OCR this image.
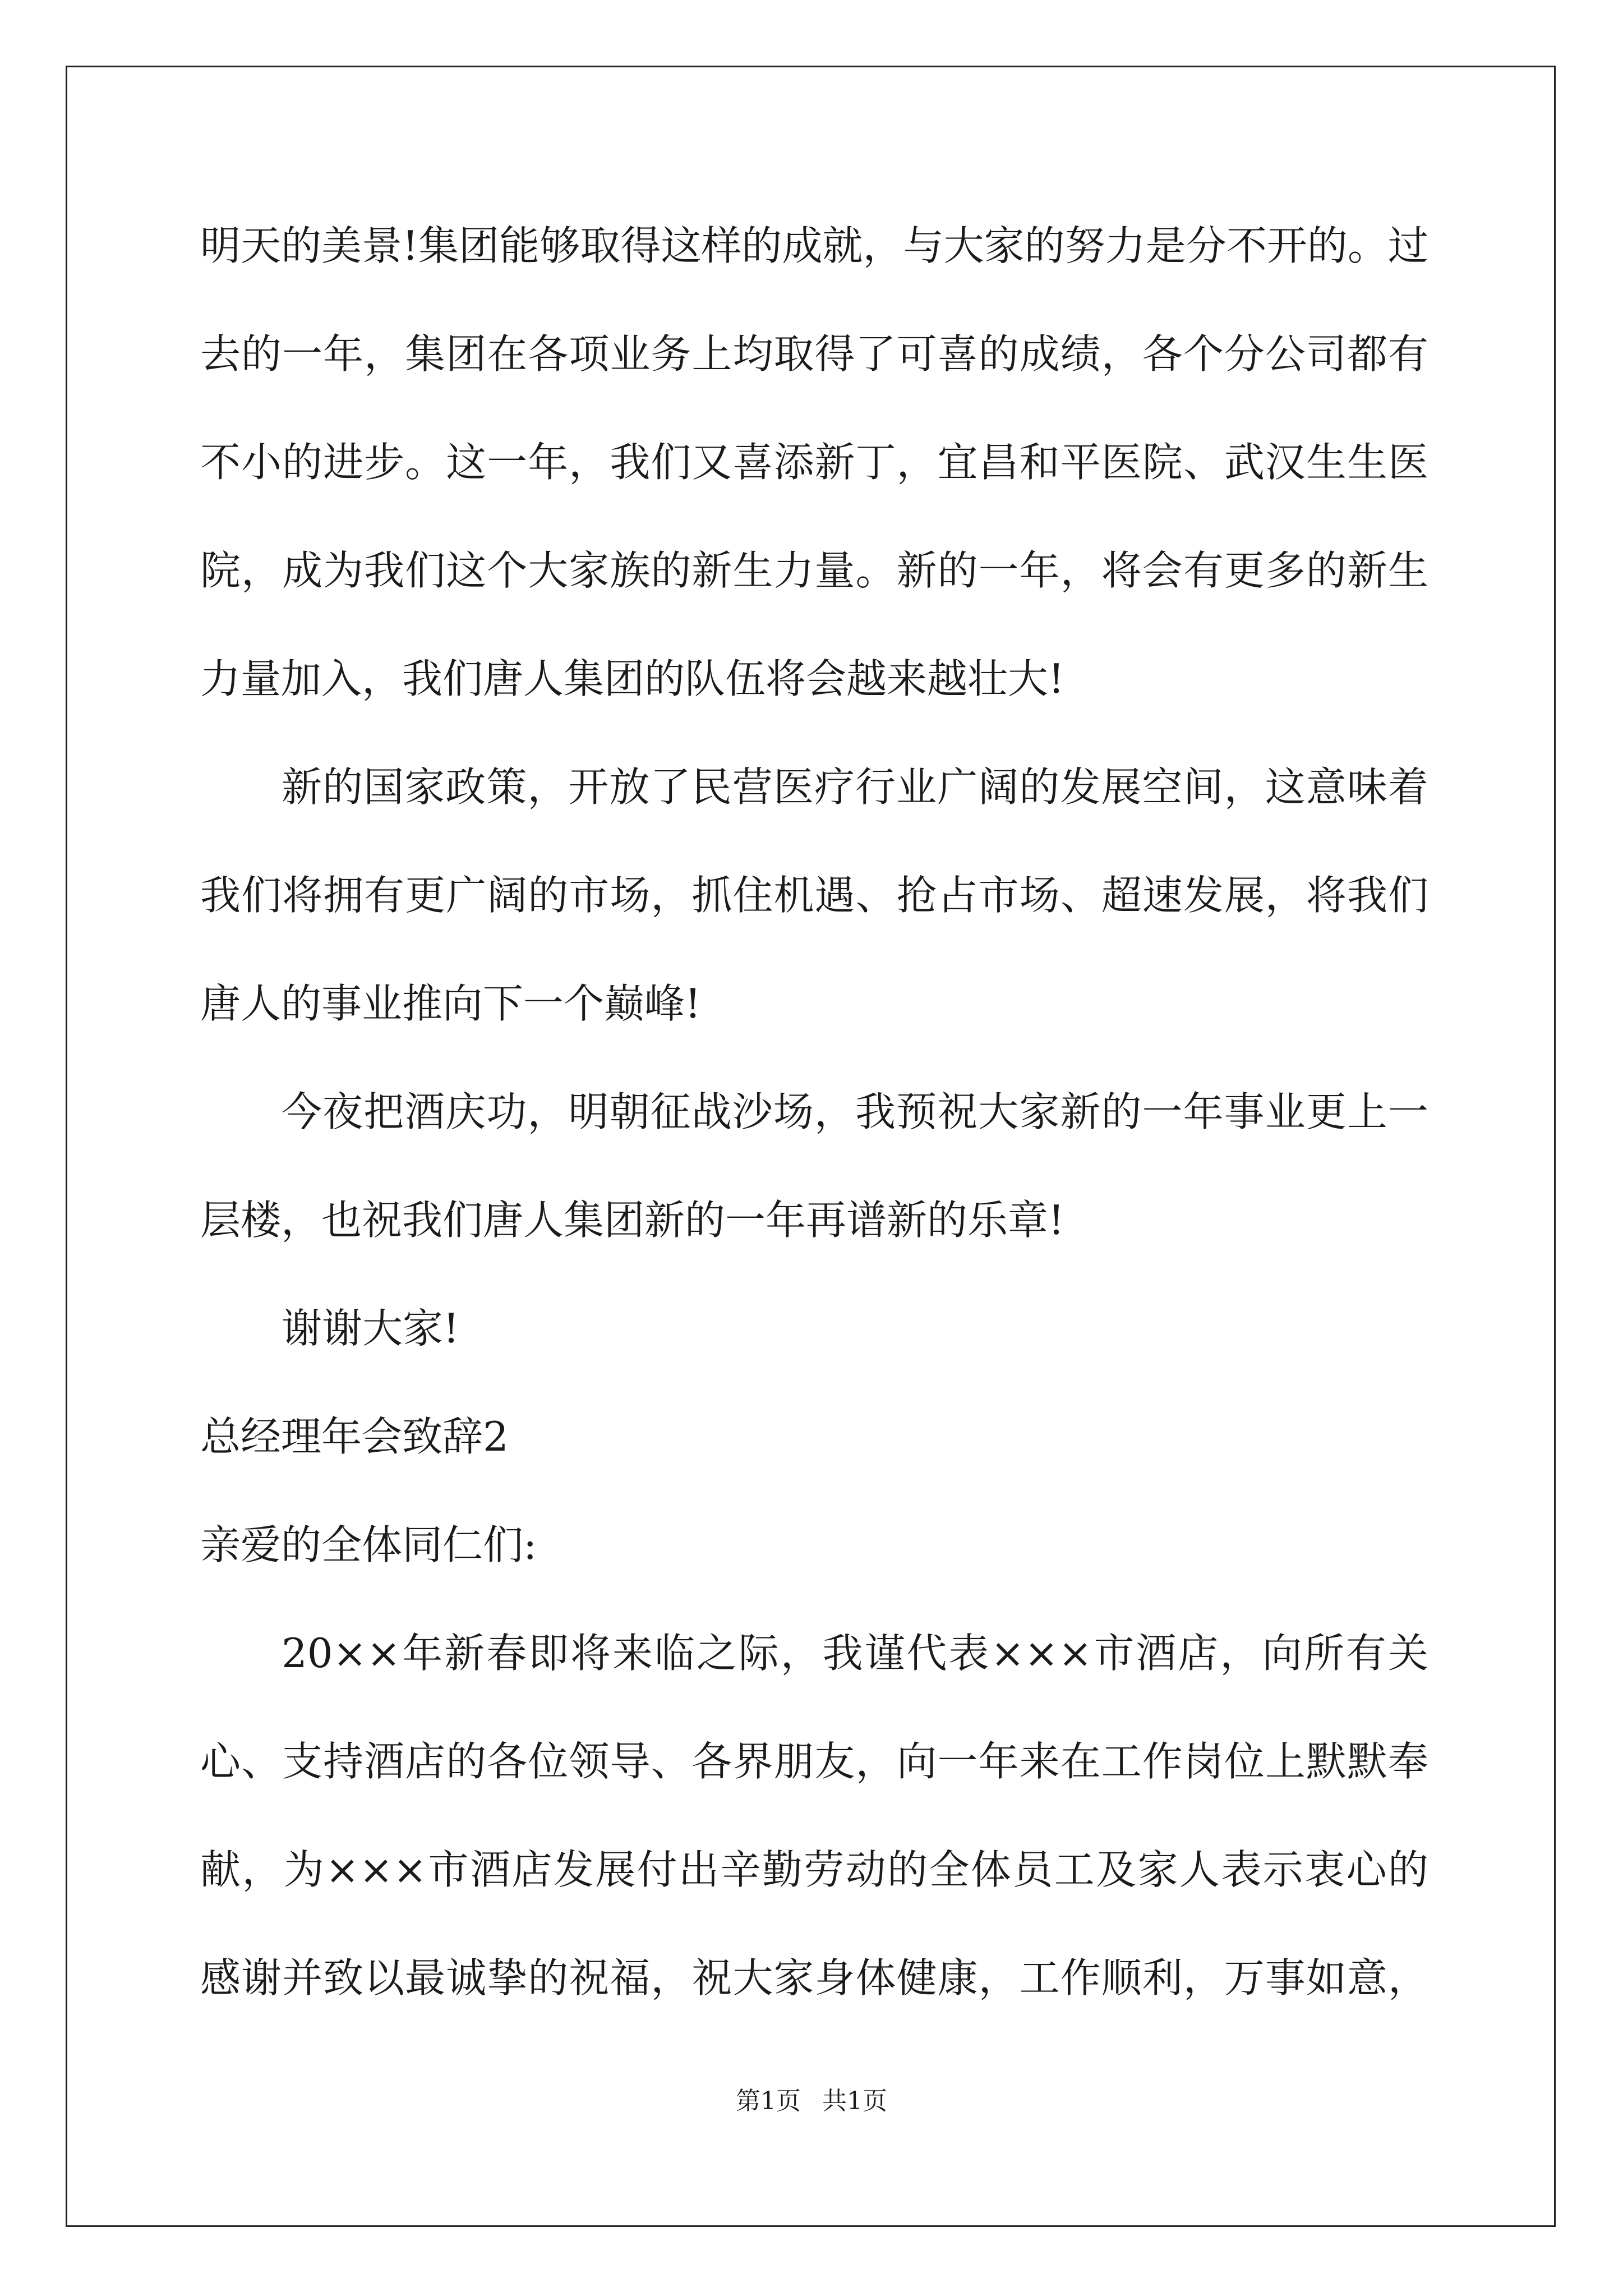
明天的美景!集团能够取得这样的成就，与大家的努力是分不开的。过
去的一年，集团在各项业务上均取得了可喜的成绩，各个分公司都有
不小的进步。这一年，我们又喜添新丁，宜昌和平医院、武汉生生医
院，成为我们这个大家族的新生力量。新的一年，将会有更多的新生
力量加入，我们唐人集团的队伍将会越来越壮大!
新的国家政策，开放了民营医疗行业广阔的发展空间，这意味着
我们将拥有更广阔的市场，抓住机遇、抢占市场、超速发展，将我们
唐人的事业推向下一个巅峰!
今夜把酒庆功，明朝征战沙场，我预祝大家新的一年事业更上一
层楼，也祝我们唐人集团新的一年再谱新的乐章!
谢谢大家!
总经理年会致辞2
亲爱的全体同仁们:
20××年新春即将来临之际，我谨代表×××市酒店，向所有关
心、支持酒店的各位领导、各界朋友，向一年来在工作岗位上默默奉
献，为×××市酒店发展付出辛勤劳动的全体员工及家人表示衷心的
感谢并致以最诚挚的祝福，祝大家身体健康，工作顺利，万事如意，
第1页 共1页
